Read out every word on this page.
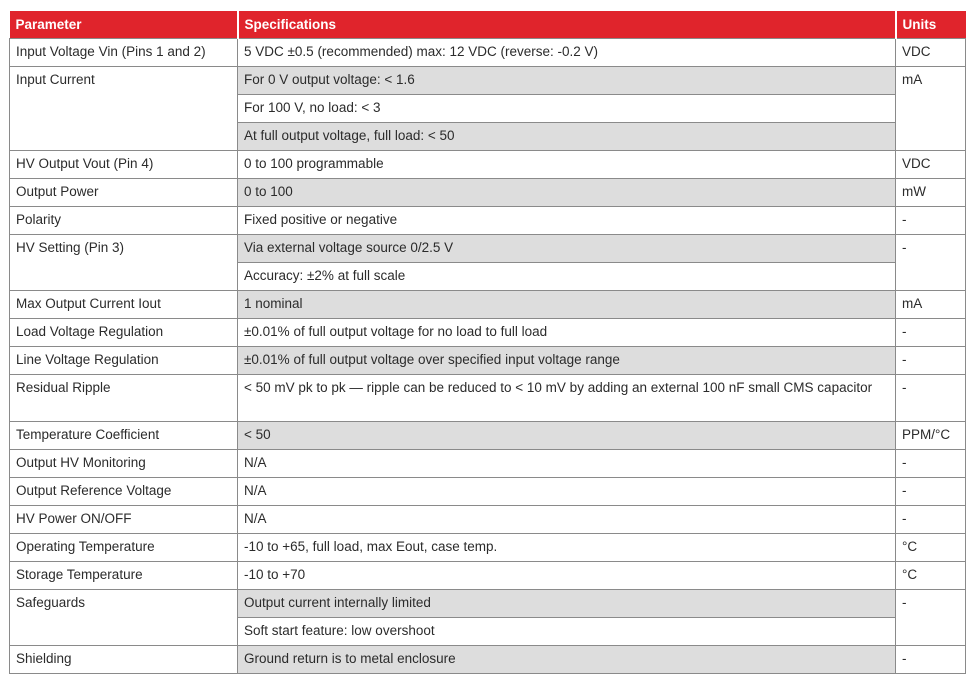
Parameter	Specifications	Units
Input Voltage Vin (Pins 1 and 2)	5 VDC ±0.5 (recommended) max: 12 VDC (reverse: -0.2 V)	VDC
Input Current	For 0 V output voltage: < 1.6	mA
	For 100 V, no load: < 3	
	At full output voltage, full load: < 50	
HV Output Vout (Pin 4)	0 to 100 programmable	VDC
Output Power	0 to 100	mW
Polarity	Fixed positive or negative	-
HV Setting (Pin 3)	Via external voltage source 0/2.5 V	-
	Accuracy: ±2% at full scale	
Max Output Current Iout	1 nominal	mA
Load Voltage Regulation	±0.01% of full output voltage for no load to full load	-
Line Voltage Regulation	±0.01% of full output voltage over specified input voltage range	-
Residual Ripple	< 50 mV pk to pk — ripple can be reduced to < 10 mV by adding an external 100 nF small CMS capacitor	-
Temperature Coefficient	< 50	PPM/°C
Output HV Monitoring	N/A	-
Output Reference Voltage	N/A	-
HV Power ON/OFF	N/A	-
Operating Temperature	-10 to +65, full load, max Eout, case temp.	°C
Storage Temperature	-10 to +70	°C
Safeguards	Output current internally limited	-
	Soft start feature: low overshoot	
Shielding	Ground return is to metal enclosure	-
